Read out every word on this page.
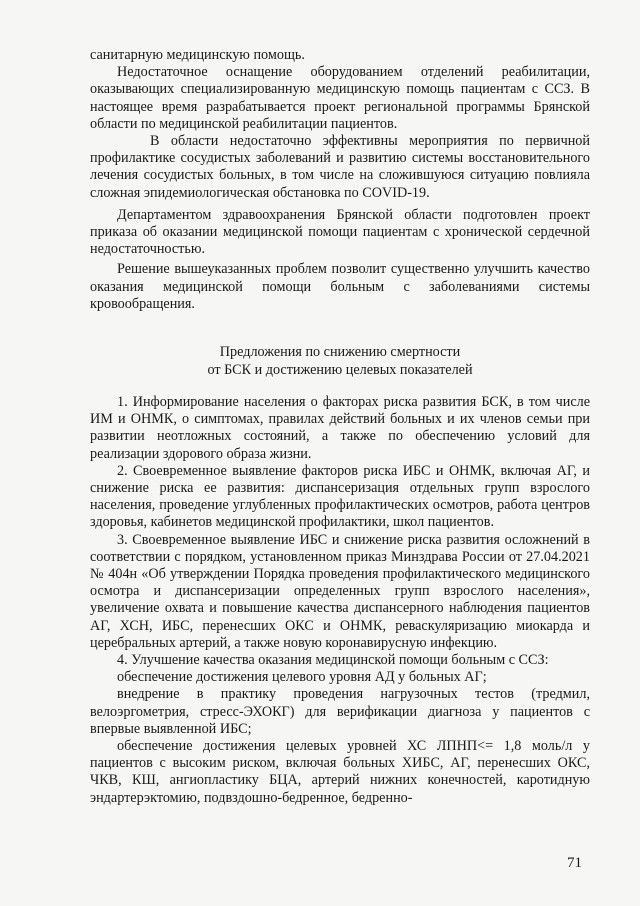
санитарную медицинскую помощь.

Недостаточное оснащение оборудованием отделений реабилитации, оказывающих специализированную медицинскую помощь пациентам с ССЗ. В настоящее время разрабатывается проект региональной программы Брянской области по медицинской реабилитации пациентов.

В области недостаточно эффективны мероприятия по первичной профилактике сосудистых заболеваний и развитию системы восстановительного лечения сосудистых больных, в том числе на сложившуюся ситуацию повлияла сложная эпидемиологическая обстановка по COVID-19.

Департаментом здравоохранения Брянской области подготовлен проект приказа об оказании медицинской помощи пациентам с хронической сердечной недостаточностью.

Решение вышеуказанных проблем позволит существенно улучшить качество оказания медицинской помощи больным с заболеваниями системы кровообращения.

Предложения по снижению смертности
от БСК и достижению целевых показателей

1. Информирование населения о факторах риска развития БСК, в том числе ИМ и ОНМК, о симптомах, правилах действий больных и их членов семьи при развитии неотложных состояний, а также по обеспечению условий для реализации здорового образа жизни.

2. Своевременное выявление факторов риска ИБС и ОНМК, включая АГ, и снижение риска ее развития: диспансеризация отдельных групп взрослого населения, проведение углубленных профилактических осмотров, работа центров здоровья, кабинетов медицинской профилактики, школ пациентов.

3. Своевременное выявление ИБС и снижение риска развития осложнений в соответствии с порядком, установленном приказ Минздрава России от 27.04.2021 № 404н «Об утверждении Порядка проведения профилактического медицинского осмотра и диспансеризации определенных групп взрослого населения», увеличение охвата и повышение качества диспансерного наблюдения пациентов АГ, ХСН, ИБС, перенесших ОКС и ОНМК, реваскуляризацию миокарда и церебральных артерий, а также новую коронавирусную инфекцию.

4. Улучшение качества оказания медицинской помощи больным с ССЗ:

обеспечение достижения целевого уровня АД у больных АГ;

внедрение в практику проведения нагрузочных тестов (тредмил, велоэргометрия, стресс-ЭХОКГ) для верификации диагноза у пациентов с впервые выявленной ИБС;

обеспечение достижения целевых уровней ХС ЛПНП<= 1,8 моль/л у пациентов с высоким риском, включая больных ХИБС, АГ, перенесших ОКС, ЧКВ, КШ, ангиопластику БЦА, артерий нижних конечностей, каротидную эндартерэктомию, подвздошно-бедренное, бедренно-

71
